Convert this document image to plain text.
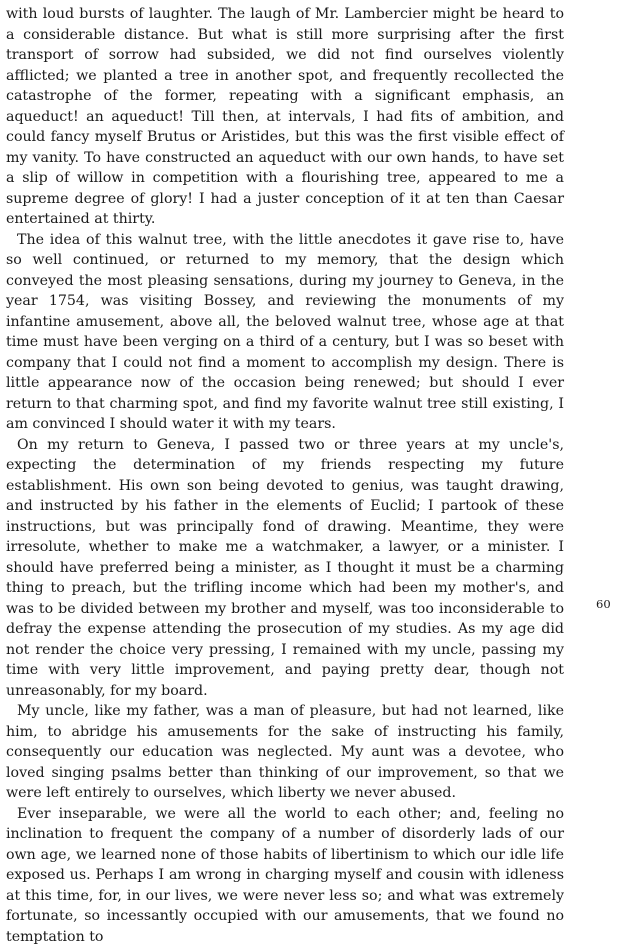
with loud bursts of laughter. The laugh of Mr. Lambercier might be heard to a considerable distance. But what is still more surprising after the first transport of sorrow had subsided, we did not find ourselves violently afflicted; we planted a tree in another spot, and frequently recollected the catastrophe of the former, repeating with a significant emphasis, an aqueduct! an aqueduct! Till then, at intervals, I had fits of ambition, and could fancy myself Brutus or Aristides, but this was the first visible effect of my vanity. To have constructed an aqueduct with our own hands, to have set a slip of willow in competition with a flourishing tree, appeared to me a supreme degree of glory! I had a juster conception of it at ten than Caesar entertained at thirty.

The idea of this walnut tree, with the little anecdotes it gave rise to, have so well continued, or returned to my memory, that the design which conveyed the most pleasing sensations, during my journey to Geneva, in the year 1754, was visiting Bossey, and reviewing the monuments of my infantine amusement, above all, the beloved walnut tree, whose age at that time must have been verging on a third of a century, but I was so beset with company that I could not find a moment to accomplish my design. There is little appearance now of the occasion being renewed; but should I ever return to that charming spot, and find my favorite walnut tree still existing, I am convinced I should water it with my tears.

On my return to Geneva, I passed two or three years at my uncle's, expecting the determination of my friends respecting my future establishment. His own son being devoted to genius, was taught drawing, and instructed by his father in the elements of Euclid; I partook of these instructions, but was principally fond of drawing. Meantime, they were irresolute, whether to make me a watchmaker, a lawyer, or a minister. I should have preferred being a minister, as I thought it must be a charming thing to preach, but the trifling income which had been my mother's, and was to be divided between my brother and myself, was too inconsiderable to defray the expense attending the prosecution of my studies. As my age did not render the choice very pressing, I remained with my uncle, passing my time with very little improvement, and paying pretty dear, though not unreasonably, for my board.

My uncle, like my father, was a man of pleasure, but had not learned, like him, to abridge his amusements for the sake of instructing his family, consequently our education was neglected. My aunt was a devotee, who loved singing psalms better than thinking of our improvement, so that we were left entirely to ourselves, which liberty we never abused.

Ever inseparable, we were all the world to each other; and, feeling no inclination to frequent the company of a number of disorderly lads of our own age, we learned none of those habits of libertinism to which our idle life exposed us. Perhaps I am wrong in charging myself and cousin with idleness at this time, for, in our lives, we were never less so; and what was extremely fortunate, so incessantly occupied with our amusements, that we found no temptation to

60
